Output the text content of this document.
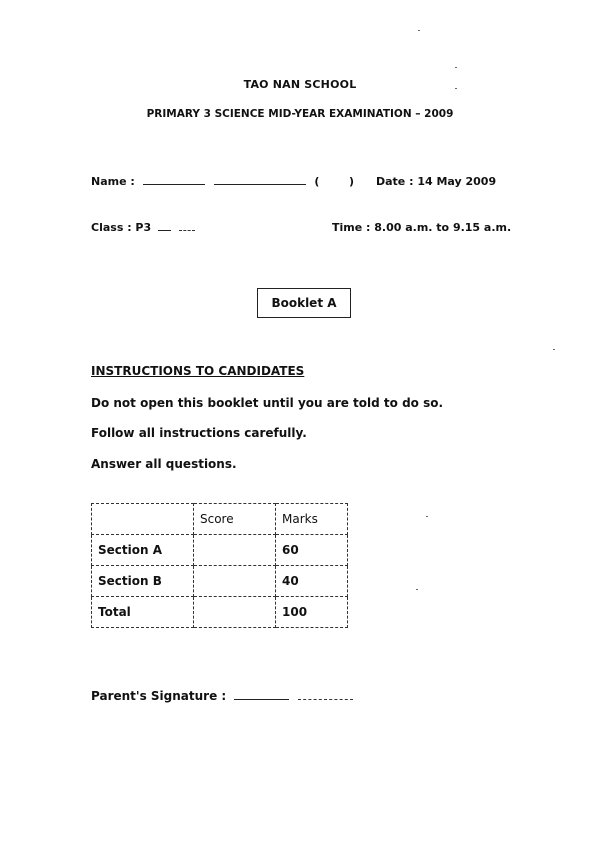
TAO NAN SCHOOL
PRIMARY 3 SCIENCE MID-YEAR EXAMINATION – 2009
Name :	(	) Date : 14 May 2009
Class : P3	Time : 8.00 a.m. to 9.15 a.m.
Booklet A
INSTRUCTIONS TO CANDIDATES
Do not open this booklet until you are told to do so.
Follow all instructions carefully.
Answer all questions.
	Score	Marks
Section A		60
Section B		40
Total		100
Parent's Signature :
